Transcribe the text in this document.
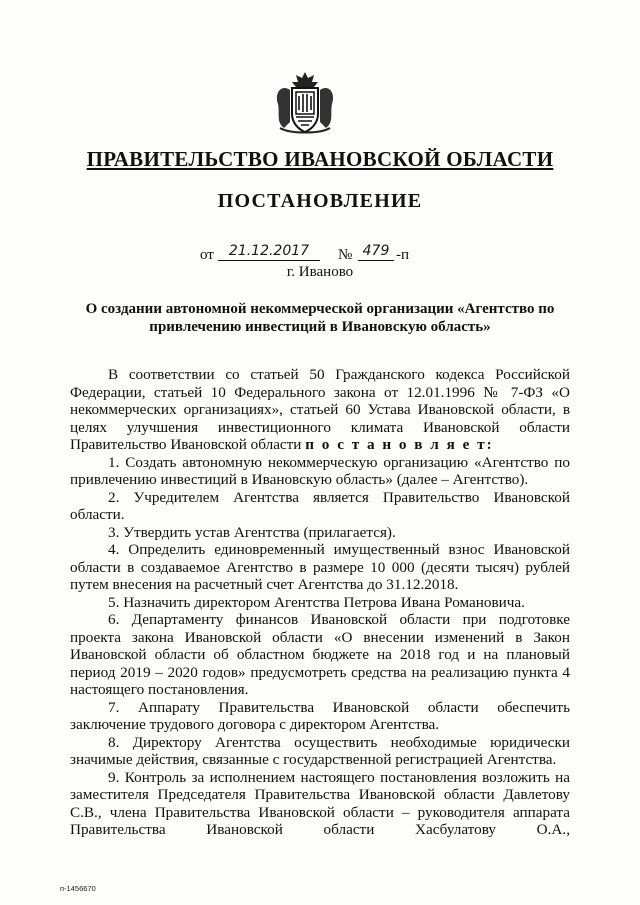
ПРАВИТЕЛЬСТВО ИВАНОВСКОЙ ОБЛАСТИ
ПОСТАНОВЛЕНИЕ
от	21.12.2017	№ 479 -п
г. Иваново
О создании автономной некоммерческой организации «Агентство по привлечению инвестиций в Ивановскую область»

В соответствии со статьей 50 Гражданского кодекса Российской Федерации, статьей 10 Федерального закона от 12.01.1996 № 7-ФЗ «О некоммерческих организациях», статьей 60 Устава Ивановской области, в целях улучшения инвестиционного климата Ивановской области Правительство Ивановской области п о с т а н о в л я е т:

1. Создать автономную некоммерческую организацию «Агентство по привлечению инвестиций в Ивановскую область» (далее – Агентство).

2. Учредителем Агентства является Правительство Ивановской области.

3. Утвердить устав Агентства (прилагается).

4. Определить единовременный имущественный взнос Ивановской области в создаваемое Агентство в размере 10 000 (десяти тысяч) рублей путем внесения на расчетный счет Агентства до 31.12.2018.

5. Назначить директором Агентства Петрова Ивана Романовича.

6. Департаменту финансов Ивановской области при подготовке проекта закона Ивановской области «О внесении изменений в Закон Ивановской области об областном бюджете на 2018 год и на плановый период 2019 – 2020 годов» предусмотреть средства на реализацию пункта 4 настоящего постановления.

7. Аппарату Правительства Ивановской области обеспечить заключение трудового договора с директором Агентства.

8. Директору Агентства осуществить необходимые юридически значимые действия, связанные с государственной регистрацией Агентства.

9. Контроль за исполнением настоящего постановления возложить на заместителя Председателя Правительства Ивановской области Давлетову С.В., члена Правительства Ивановской области – руководителя аппарата Правительства Ивановской области Хасбулатову О.А.,

п-1456670
